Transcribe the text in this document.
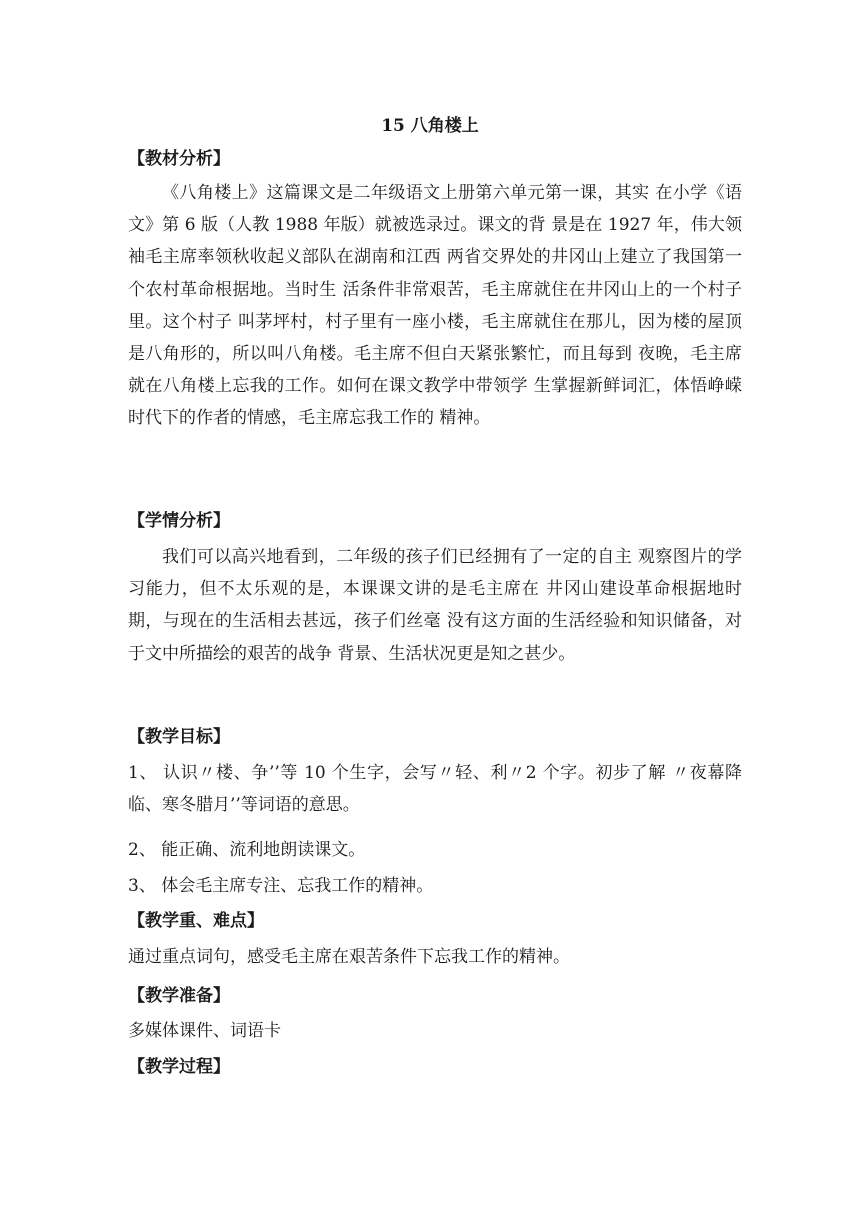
15 八角楼上
【教材分析】
《八角楼上》这篇课文是二年级语文上册第六单元第一课，其实 在小学《语文》第 6 版（人教 1988 年版）就被选录过。课文的背 景是在 1927 年，伟大领袖毛主席率领秋收起义部队在湖南和江西 两省交界处的井冈山上建立了我国第一个农村革命根据地。当时生 活条件非常艰苦，毛主席就住在井冈山上的一个村子里。这个村子 叫茅坪村，村子里有一座小楼，毛主席就住在那儿，因为楼的屋顶 是八角形的，所以叫八角楼。毛主席不但白天紧张繁忙，而且每到 夜晚，毛主席就在八角楼上忘我的工作。如何在课文教学中带领学 生掌握新鲜词汇，体悟峥嵘时代下的作者的情感，毛主席忘我工作的 精神。
【学情分析】
我们可以高兴地看到，二年级的孩子们已经拥有了一定的自主 观察图片的学习能力，但不太乐观的是，本课课文讲的是毛主席在 井冈山建设革命根据地时期，与现在的生活相去甚远，孩子们丝毫 没有这方面的生活经验和知识储备，对于文中所描绘的艰苦的战争 背景、生活状况更是知之甚少。
【教学目标】
1、 认识〃楼、争’’等 10 个生字，会写〃轻、利〃2 个字。初步了解 〃夜幕降临、寒冬腊月’’等词语的意思。
2、 能正确、流利地朗读课文。
3、 体会毛主席专注、忘我工作的精神。
【教学重、难点】
通过重点词句，感受毛主席在艰苦条件下忘我工作的精神。
【教学准备】
多媒体课件、词语卡
【教学过程】
